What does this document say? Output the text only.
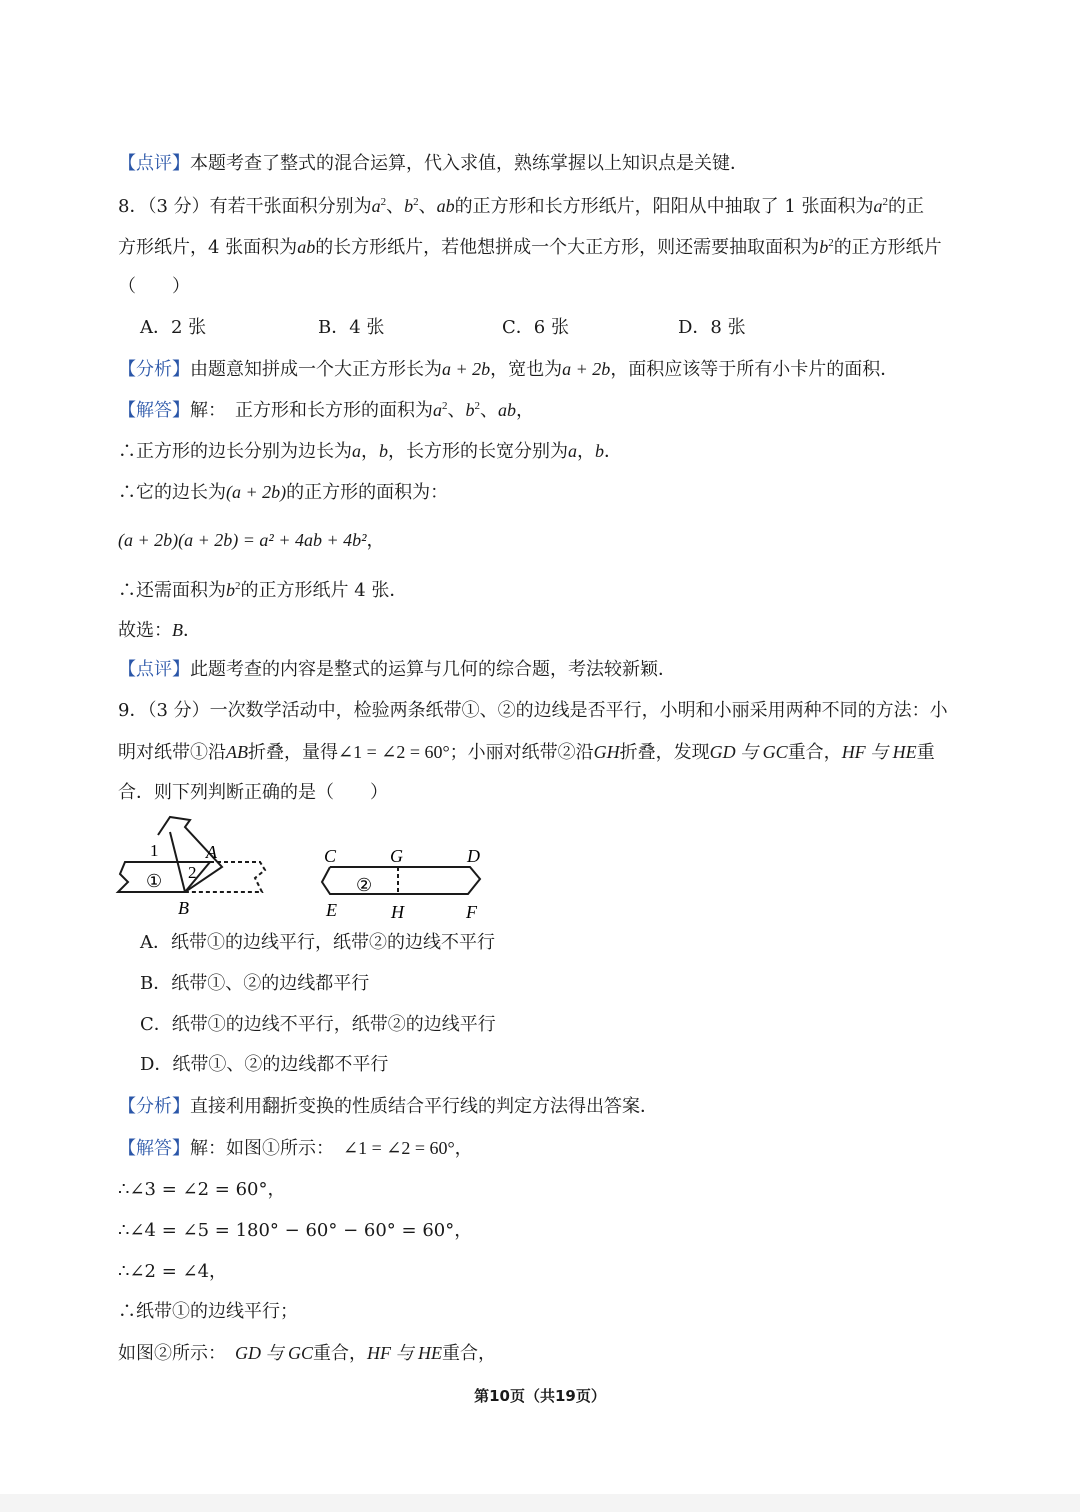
【点评】本题考查了整式的混合运算，代入求值，熟练掌握以上知识点是关键．
8．（3 分）有若干张面积分别为$a^2$、$b^2$、ab的正方形和长方形纸片，阳阳从中抽取了 1 张面积为$a^2$的正
方形纸片，4 张面积为ab的长方形纸片，若他想拼成一个大正方形，则还需要抽取面积为$b^2$的正方形纸片
（　　）
A．2 张	B．4 张	C．6 张	D．8 张
【分析】由题意知拼成一个大正方形长为a + 2b，宽也为a + 2b，面积应该等于所有小卡片的面积．
【解答】解：　正方形和长方形的面积为$a^2$、$b^2$、ab，
∴正方形的边长分别为边长为a，b，长方形的长宽分别为a，b．
∴它的边长为(a + 2b)的正方形的面积为：
(a + 2b)(a + 2b) = a² + 4ab + 4b²，
∴还需面积为$b^2$的正方形纸片 4 张．
故选：B．
【点评】此题考查的内容是整式的运算与几何的综合题，考法较新颖．
9．（3 分）一次数学活动中，检验两条纸带①、②的边线是否平行，小明和小丽采用两种不同的方法：小
明对纸带①沿AB折叠，量得∠1 = ∠2 = 60°；小丽对纸带②沿GH折叠，发现GD 与 GC重合，HF 与 HE重
合．则下列判断正确的是（　　）
1	A
2
①
B
C	G	D
②
E	H	F
A．纸带①的边线平行，纸带②的边线不平行
B．纸带①、②的边线都平行
C．纸带①的边线不平行，纸带②的边线平行
D．纸带①、②的边线都不平行
【分析】直接利用翻折变换的性质结合平行线的判定方法得出答案．
【解答】解：如图①所示：　 ∠1 = ∠2 = 60°，
∴∠3 = ∠2 = 60°，
∴∠4 = ∠5 = 180° − 60° − 60° = 60°，
∴∠2 = ∠4，
∴纸带①的边线平行；
如图②所示：　 GD 与 GC重合，HF 与 HE重合，
第10页（共19页）
